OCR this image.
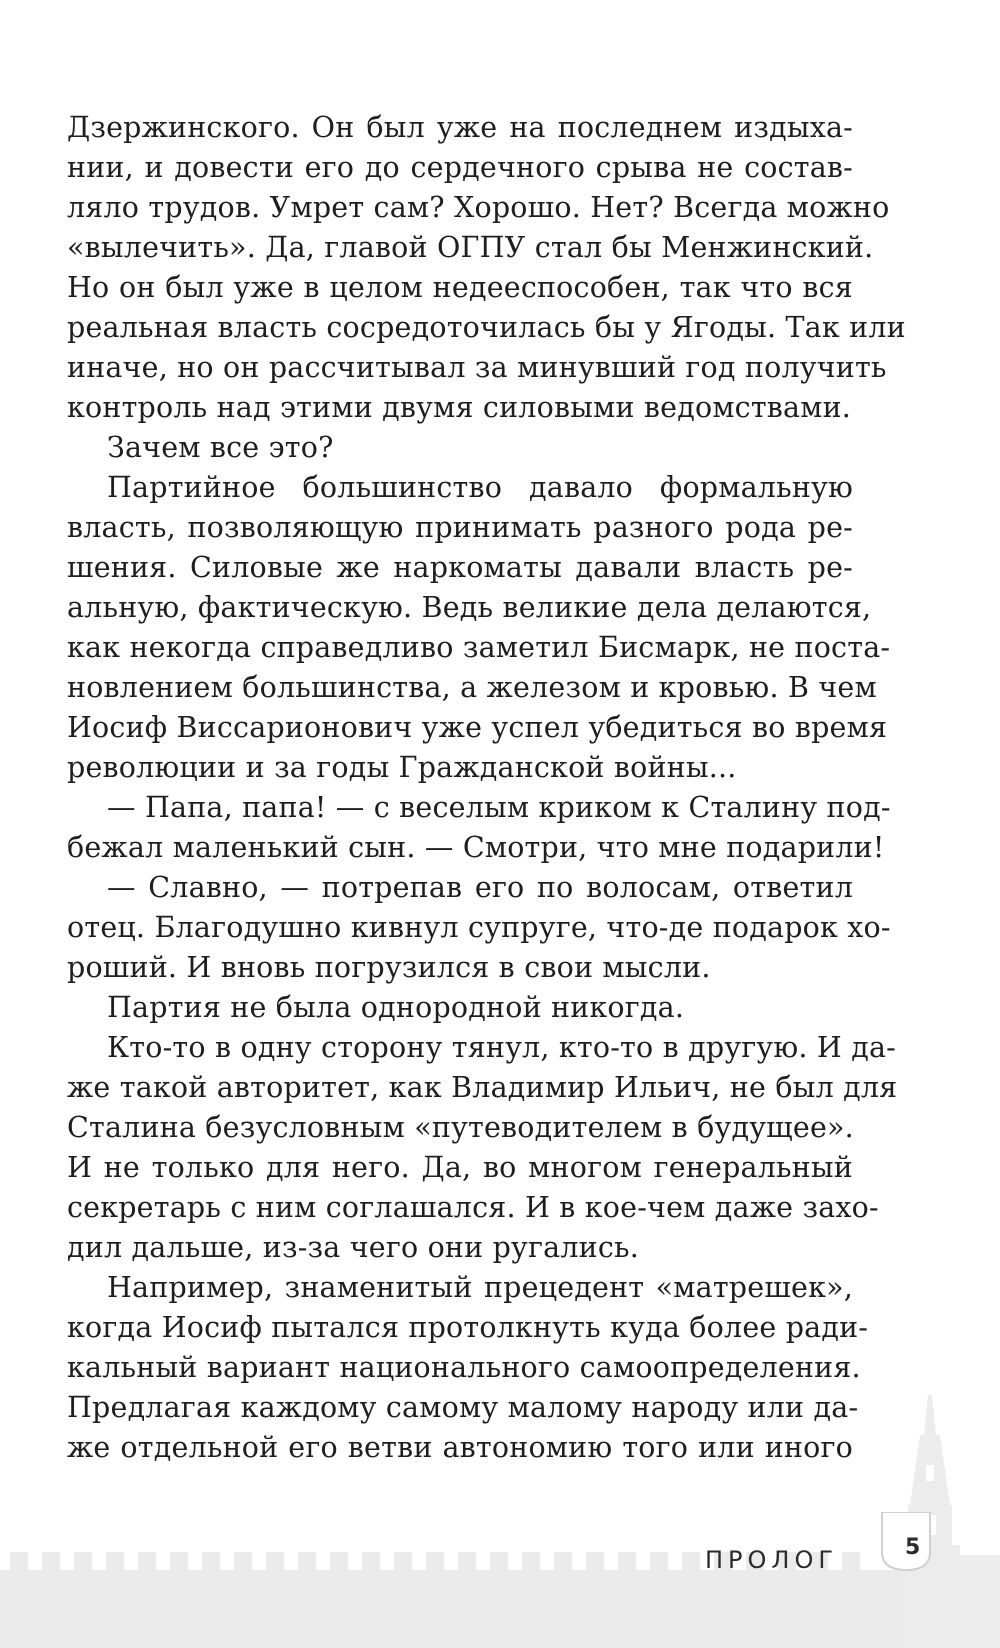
Дзержинского. Он был уже на последнем издыха-
нии, и довести его до сердечного срыва не состав-
ляло трудов. Умрет сам? Хорошо. Нет? Всегда можно
«вылечить». Да, главой ОГПУ стал бы Менжинский.
Но он был уже в целом недееспособен, так что вся
реальная власть сосредоточилась бы у Ягоды. Так или
иначе, но он рассчитывал за минувший год получить
контроль над этими двумя силовыми ведомствами.
Зачем все это?
Партийное большинство давало формальную
власть, позволяющую принимать разного рода ре-
шения. Силовые же наркоматы давали власть ре-
альную, фактическую. Ведь великие дела делаются,
как некогда справедливо заметил Бисмарк, не поста-
новлением большинства, а железом и кровью. В чем
Иосиф Виссарионович уже успел убедиться во время
революции и за годы Гражданской войны...
— Папа, папа! — с веселым криком к Сталину под-
бежал маленький сын. — Смотри, что мне подарили!
— Славно, — потрепав его по волосам, ответил
отец. Благодушно кивнул супруге, что-де подарок хо-
роший. И вновь погрузился в свои мысли.
Партия не была однородной никогда.
Кто-то в одну сторону тянул, кто-то в другую. И да-
же такой авторитет, как Владимир Ильич, не был для
Сталина безусловным «путеводителем в будущее».
И не только для него. Да, во многом генеральный
секретарь с ним соглашался. И в кое-чем даже захо-
дил дальше, из-за чего они ругались.
Например, знаменитый прецедент «матрешек»,
когда Иосиф пытался протолкнуть куда более ради-
кальный вариант национального самоопределения.
Предлагая каждому самому малому народу или да-
же отдельной его ветви автономию того или иного
ПРОЛОГ	5
